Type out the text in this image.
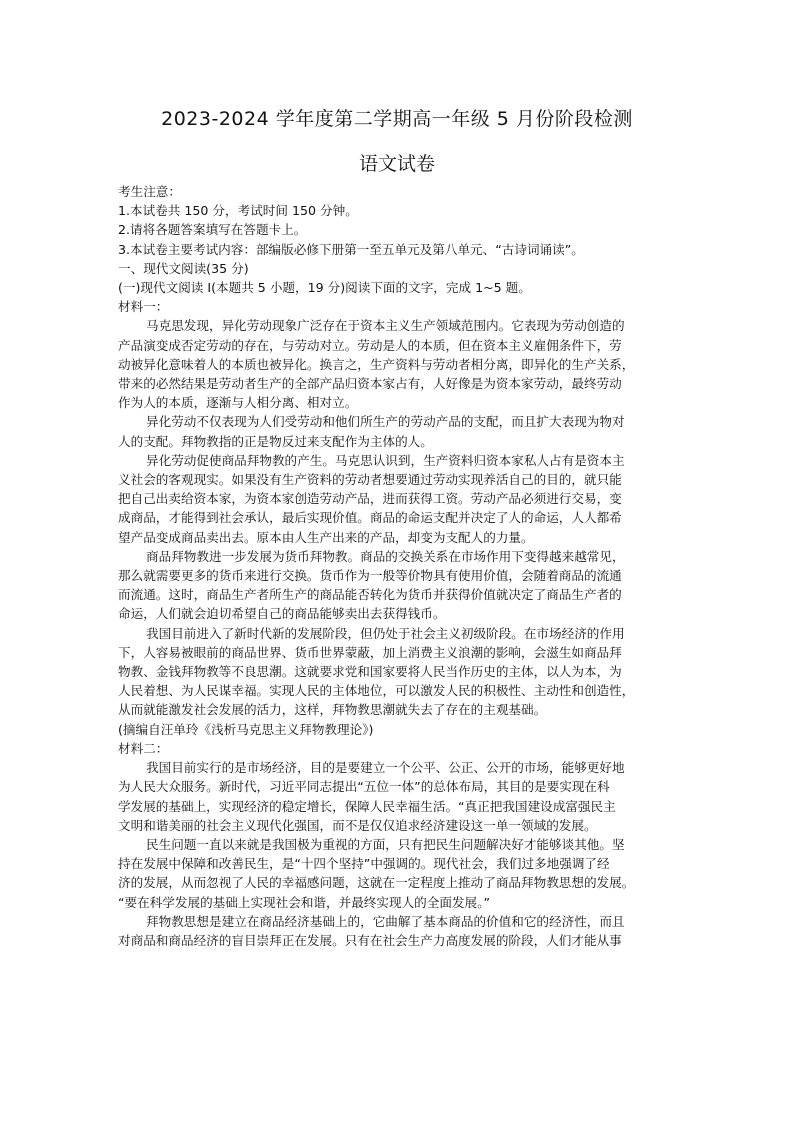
2023-2024 学年度第二学期高一年级 5 月份阶段检测
语文试卷
考生注意：
1.本试卷共 150 分，考试时间 150 分钟。
2.请将各题答案填写在答题卡上。
3.本试卷主要考试内容：部编版必修下册第一至五单元及第八单元、“古诗词诵读”。
一、现代文阅读(35 分)
(一)现代文阅读 I(本题共 5 小题，19 分)阅读下面的文字，完成 1~5 题。
材料一：
马克思发现，异化劳动现象广泛存在于资本主义生产领域范围内。它表现为劳动创造的
产品演变成否定劳动的存在，与劳动对立。劳动是人的本质，但在资本主义雇佣条件下，劳
动被异化意味着人的本质也被异化。换言之，生产资料与劳动者相分离，即异化的生产关系，
带来的必然结果是劳动者生产的全部产品归资本家占有，人好像是为资本家劳动，最终劳动
作为人的本质，逐渐与人相分离、相对立。
异化劳动不仅表现为人们受劳动和他们所生产的劳动产品的支配，而且扩大表现为物对
人的支配。拜物教指的正是物反过来支配作为主体的人。
异化劳动促使商品拜物教的产生。马克思认识到，生产资料归资本家私人占有是资本主
义社会的客观现实。如果没有生产资料的劳动者想要通过劳动实现养活自己的目的，就只能
把自己出卖给资本家，为资本家创造劳动产品，进而获得工资。劳动产品必须进行交易，变
成商品，才能得到社会承认，最后实现价值。商品的命运支配并决定了人的命运，人人都希
望产品变成商品卖出去。原本由人生产出来的产品，却变为支配人的力量。
商品拜物教进一步发展为货币拜物教。商品的交换关系在市场作用下变得越来越常见，
那么就需要更多的货币来进行交换。货币作为一般等价物具有使用价值，会随着商品的流通
而流通。这时，商品生产者所生产的商品能否转化为货币并获得价值就决定了商品生产者的
命运，人们就会迫切希望自己的商品能够卖出去获得钱币。
我国目前进入了新时代新的发展阶段，但仍处于社会主义初级阶段。在市场经济的作用
下，人容易被眼前的商品世界、货币世界蒙蔽，加上消费主义浪潮的影响，会滋生如商品拜
物教、金钱拜物教等不良思潮。这就要求党和国家要将人民当作历史的主体，以人为本，为
人民着想、为人民谋幸福。实现人民的主体地位，可以激发人民的积极性、主动性和创造性，
从而就能激发社会发展的活力，这样，拜物教思潮就失去了存在的主观基础。
(摘编自汪单玲《浅析马克思主义拜物教理论》)
材料二：
我国目前实行的是市场经济，目的是要建立一个公平、公正、公开的市场，能够更好地
为人民大众服务。新时代，习近平同志提出“五位一体”的总体布局，其目的是要实现在科
学发展的基础上，实现经济的稳定增长，保障人民幸福生活。“真正把我国建设成富强民主
文明和谐美丽的社会主义现代化强国，而不是仅仅追求经济建设这一单一领域的发展。
民生问题一直以来就是我国极为重视的方面，只有把民生问题解决好才能够谈其他。坚
持在发展中保障和改善民生，是“十四个坚持”中强调的。现代社会，我们过多地强调了经
济的发展，从而忽视了人民的幸福感问题，这就在一定程度上推动了商品拜物教思想的发展。
“要在科学发展的基础上实现社会和谐，并最终实现人的全面发展。”
拜物教思想是建立在商品经济基础上的，它曲解了基本商品的价值和它的经济性，而且
对商品和商品经济的盲目崇拜正在发展。只有在社会生产力高度发展的阶段，人们才能从事
